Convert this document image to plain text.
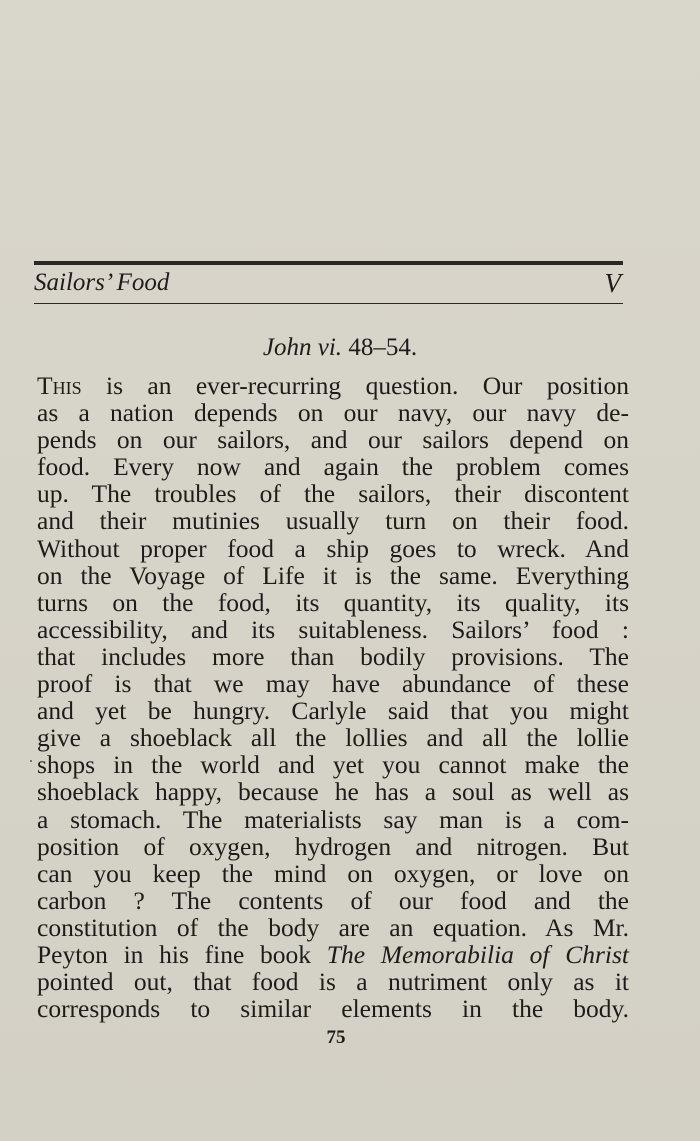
Sailors’ Food	V
John vi. 48–54.
This is an ever-recurring question. Our position
as a nation depends on our navy, our navy de-
pends on our sailors, and our sailors depend on
food. Every now and again the problem comes
up. The troubles of the sailors, their discontent
and their mutinies usually turn on their food.
Without proper food a ship goes to wreck. And
on the Voyage of Life it is the same. Everything
turns on the food, its quantity, its quality, its
accessibility, and its suitableness. Sailors’ food :
that includes more than bodily provisions. The
proof is that we may have abundance of these
and yet be hungry. Carlyle said that you might
give a shoeblack all the lollies and all the lollie
shops in the world and yet you cannot make the
shoeblack happy, because he has a soul as well as
a stomach. The materialists say man is a com-
position of oxygen, hydrogen and nitrogen. But
can you keep the mind on oxygen, or love on
carbon ? The contents of our food and the
constitution of the body are an equation. As Mr.
Peyton in his fine book The Memorabilia of Christ
pointed out, that food is a nutriment only as it
corresponds to similar elements in the body.
75
